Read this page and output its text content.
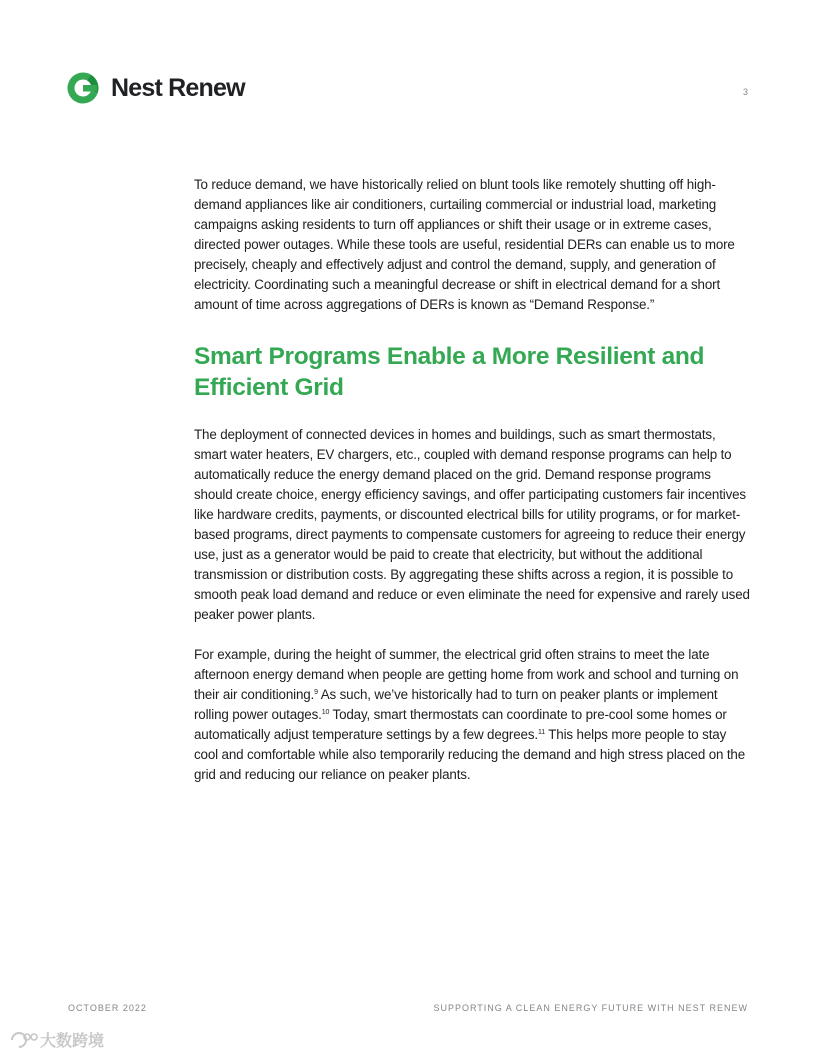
Nest Renew	3

To reduce demand, we have historically relied on blunt tools like remotely shutting off high-demand appliances like air conditioners, curtailing commercial or industrial load, marketing campaigns asking residents to turn off appliances or shift their usage or in extreme cases, directed power outages. While these tools are useful, residential DERs can enable us to more precisely, cheaply and effectively adjust and control the demand, supply, and generation of electricity. Coordinating such a meaningful decrease or shift in electrical demand for a short amount of time across aggregations of DERs is known as “Demand Response.”

Smart Programs Enable a More Resilient and Efficient Grid

The deployment of connected devices in homes and buildings, such as smart thermostats, smart water heaters, EV chargers, etc., coupled with demand response programs can help to automatically reduce the energy demand placed on the grid. Demand response programs should create choice, energy efficiency savings, and offer participating customers fair incentives like hardware credits, payments, or discounted electrical bills for utility programs, or for market-based programs, direct payments to compensate customers for agreeing to reduce their energy use, just as a generator would be paid to create that electricity, but without the additional transmission or distribution costs. By aggregating these shifts across a region, it is possible to smooth peak load demand and reduce or even eliminate the need for expensive and rarely used peaker power plants.

For example, during the height of summer, the electrical grid often strains to meet the late afternoon energy demand when people are getting home from work and school and turning on their air conditioning.$^9$ As such, we’ve historically had to turn on peaker plants or implement rolling power outages.$^{10}$ Today, smart thermostats can coordinate to pre-cool some homes or automatically adjust temperature settings by a few degrees.$^{11}$ This helps more people to stay cool and comfortable while also temporarily reducing the demand and high stress placed on the grid and reducing our reliance on peaker plants.

OCTOBER 2022	SUPPORTING A CLEAN ENERGY FUTURE WITH NEST RENEW
大数跨境
